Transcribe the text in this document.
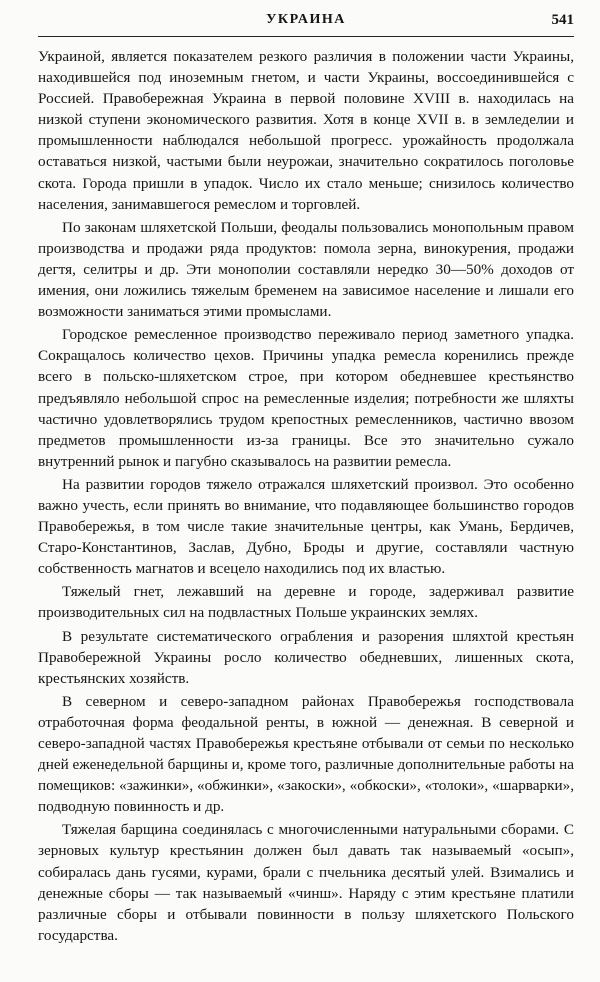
УКРАИНА	541

Украиной, является показателем резкого различия в положении части Украины, находившейся под иноземным гнетом, и части Украины, воссоединившейся с Россией. Правобережная Украина в первой половине XVIII в. находилась на низкой ступени экономического развития. Хотя в конце XVII в. в земледелии и промышленности наблюдался небольшой прогресс. урожайность продолжала оставаться низкой, частыми были неурожаи, значительно сократилось поголовье скота. Города пришли в упадок. Число их стало меньше; снизилось количество населения, занимавшегося ремеслом и торговлей.

По законам шляхетской Польши, феодалы пользовались монопольным правом производства и продажи ряда продуктов: помола зерна, винокурения, продажи дегтя, селитры и др. Эти монополии составляли нередко 30—50% доходов от имения, они ложились тяжелым бременем на зависимое население и лишали его возможности заниматься этими промыслами.

Городское ремесленное производство переживало период заметного упадка. Сокращалось количество цехов. Причины упадка ремесла коренились прежде всего в польско-шляхетском строе, при котором обедневшее крестьянство предъявляло небольшой спрос на ремесленные изделия; потребности же шляхты частично удовлетворялись трудом крепостных ремесленников, частично ввозом предметов промышленности из-за границы. Все это значительно сужало внутренний рынок и пагубно сказывалось на развитии ремесла.

На развитии городов тяжело отражался шляхетский произвол. Это особенно важно учесть, если принять во внимание, что подавляющее большинство городов Правобережья, в том числе такие значительные центры, как Умань, Бердичев, Старо-Константинов, Заслав, Дубно, Броды и другие, составляли частную собственность магнатов и всецело находились под их властью.

Тяжелый гнет, лежавший на деревне и городе, задерживал развитие производительных сил на подвластных Польше украинских землях.

В результате систематического ограбления и разорения шляхтой крестьян Правобережной Украины росло количество обедневших, лишенных скота, крестьянских хозяйств.

В северном и северо-западном районах Правобережья господствовала отработочная форма феодальной ренты, в южной — денежная. В северной и северо-западной частях Правобережья крестьяне отбывали от семьи по несколько дней еженедельной барщины и, кроме того, различные дополнительные работы на помещиков: «зажинки», «обжинки», «закоски», «обкоски», «толоки», «шарварки», подводную повинность и др.

Тяжелая барщина соединялась с многочисленными натуральными сборами. С зерновых культур крестьянин должен был давать так называемый «осып», собиралась дань гусями, курами, брали с пчельника десятый улей. Взимались и денежные сборы — так называемый «чинш». Наряду с этим крестьяне платили различные сборы и отбывали повинности в пользу шляхетского Польского государства.
